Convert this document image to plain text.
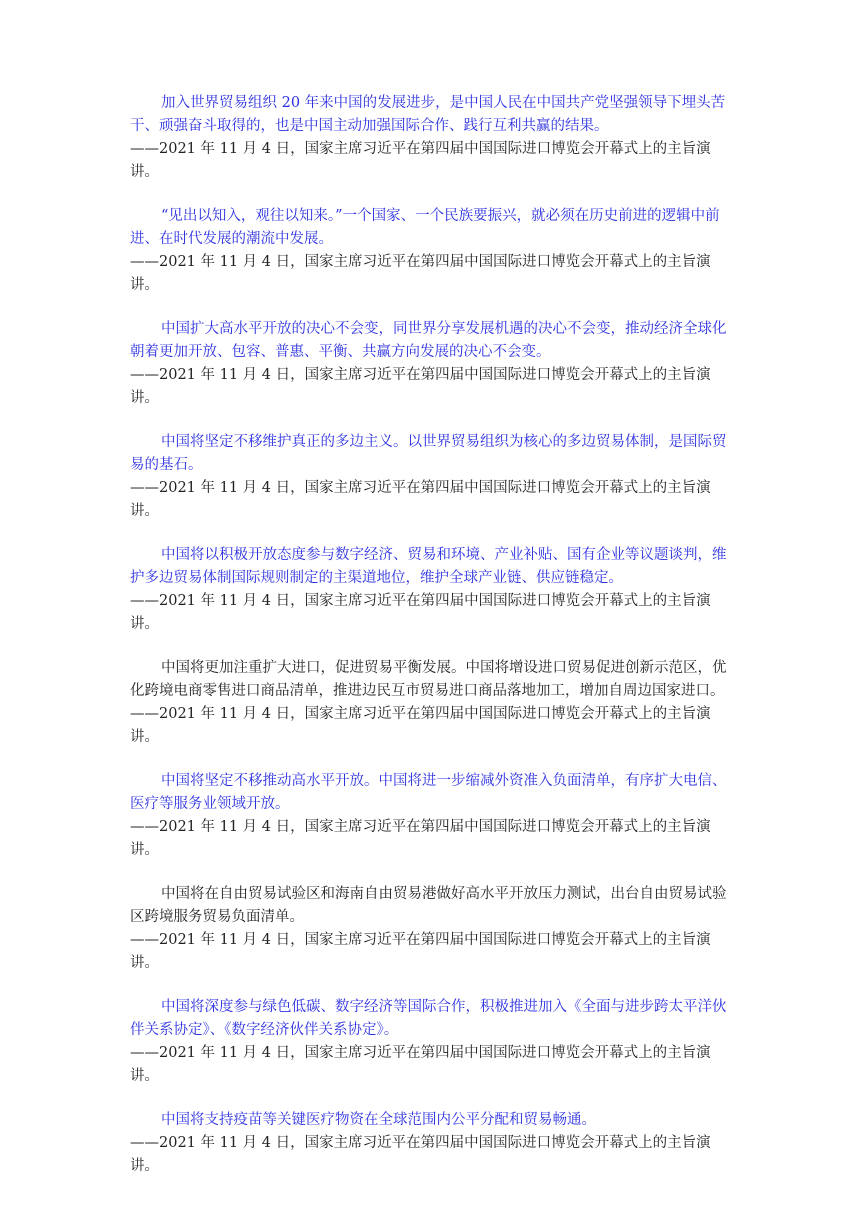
加入世界贸易组织 20 年来中国的发展进步，是中国人民在中国共产党坚强领导下埋头苦干、顽强奋斗取得的，也是中国主动加强国际合作、践行互利共赢的结果。

——2021 年 11 月 4 日，国家主席习近平在第四届中国国际进口博览会开幕式上的主旨演讲。

“见出以知入，观往以知来。”一个国家、一个民族要振兴，就必须在历史前进的逻辑中前进、在时代发展的潮流中发展。

——2021 年 11 月 4 日，国家主席习近平在第四届中国国际进口博览会开幕式上的主旨演讲。

中国扩大高水平开放的决心不会变，同世界分享发展机遇的决心不会变，推动经济全球化朝着更加开放、包容、普惠、平衡、共赢方向发展的决心不会变。

——2021 年 11 月 4 日，国家主席习近平在第四届中国国际进口博览会开幕式上的主旨演讲。

中国将坚定不移维护真正的多边主义。以世界贸易组织为核心的多边贸易体制，是国际贸易的基石。

——2021 年 11 月 4 日，国家主席习近平在第四届中国国际进口博览会开幕式上的主旨演讲。

中国将以积极开放态度参与数字经济、贸易和环境、产业补贴、国有企业等议题谈判，维护多边贸易体制国际规则制定的主渠道地位，维护全球产业链、供应链稳定。

——2021 年 11 月 4 日，国家主席习近平在第四届中国国际进口博览会开幕式上的主旨演讲。

中国将更加注重扩大进口，促进贸易平衡发展。中国将增设进口贸易促进创新示范区，优化跨境电商零售进口商品清单，推进边民互市贸易进口商品落地加工，增加自周边国家进口。

——2021 年 11 月 4 日，国家主席习近平在第四届中国国际进口博览会开幕式上的主旨演讲。

中国将坚定不移推动高水平开放。中国将进一步缩减外资准入负面清单，有序扩大电信、医疗等服务业领域开放。

——2021 年 11 月 4 日，国家主席习近平在第四届中国国际进口博览会开幕式上的主旨演讲。

中国将在自由贸易试验区和海南自由贸易港做好高水平开放压力测试，出台自由贸易试验区跨境服务贸易负面清单。

——2021 年 11 月 4 日，国家主席习近平在第四届中国国际进口博览会开幕式上的主旨演讲。

中国将深度参与绿色低碳、数字经济等国际合作，积极推进加入《全面与进步跨太平洋伙伴关系协定》、《数字经济伙伴关系协定》。

——2021 年 11 月 4 日，国家主席习近平在第四届中国国际进口博览会开幕式上的主旨演讲。

中国将支持疫苗等关键医疗物资在全球范围内公平分配和贸易畅通。

——2021 年 11 月 4 日，国家主席习近平在第四届中国国际进口博览会开幕式上的主旨演讲。
